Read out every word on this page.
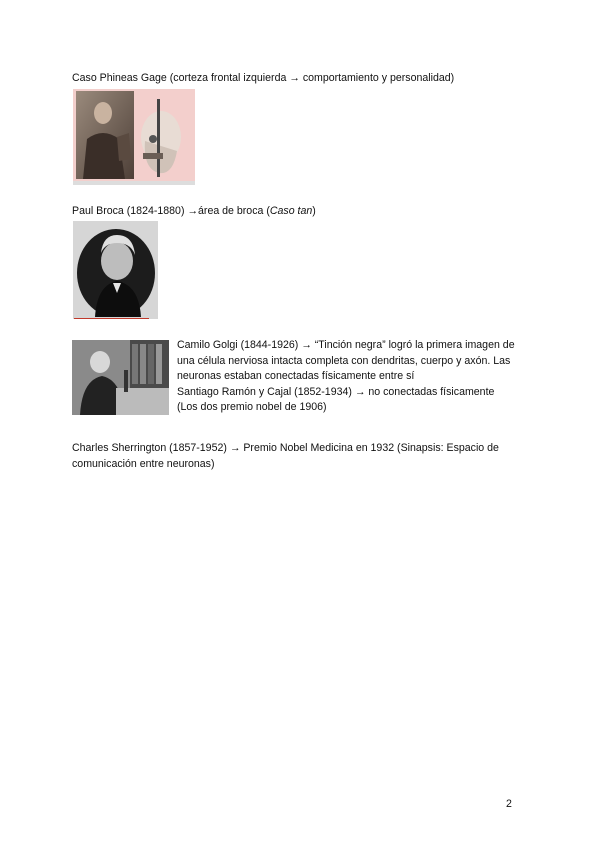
Caso Phineas Gage (corteza frontal izquierda → comportamiento y personalidad)

Paul Broca (1824-1880) →área de broca (Caso tan)

Camilo Golgi (1844-1926) → “Tinción negra” logró la primera imagen de

una célula nerviosa intacta completa con dendritas, cuerpo y axón. Las

neuronas estaban conectadas físicamente entre sí

Santiago Ramón y Cajal (1852-1934) → no conectadas físicamente

(Los dos premio nobel de 1906)

Charles Sherrington (1857-1952) → Premio Nobel Medicina en 1932 (Sinapsis: Espacio de

comunicación entre neuronas)

2
